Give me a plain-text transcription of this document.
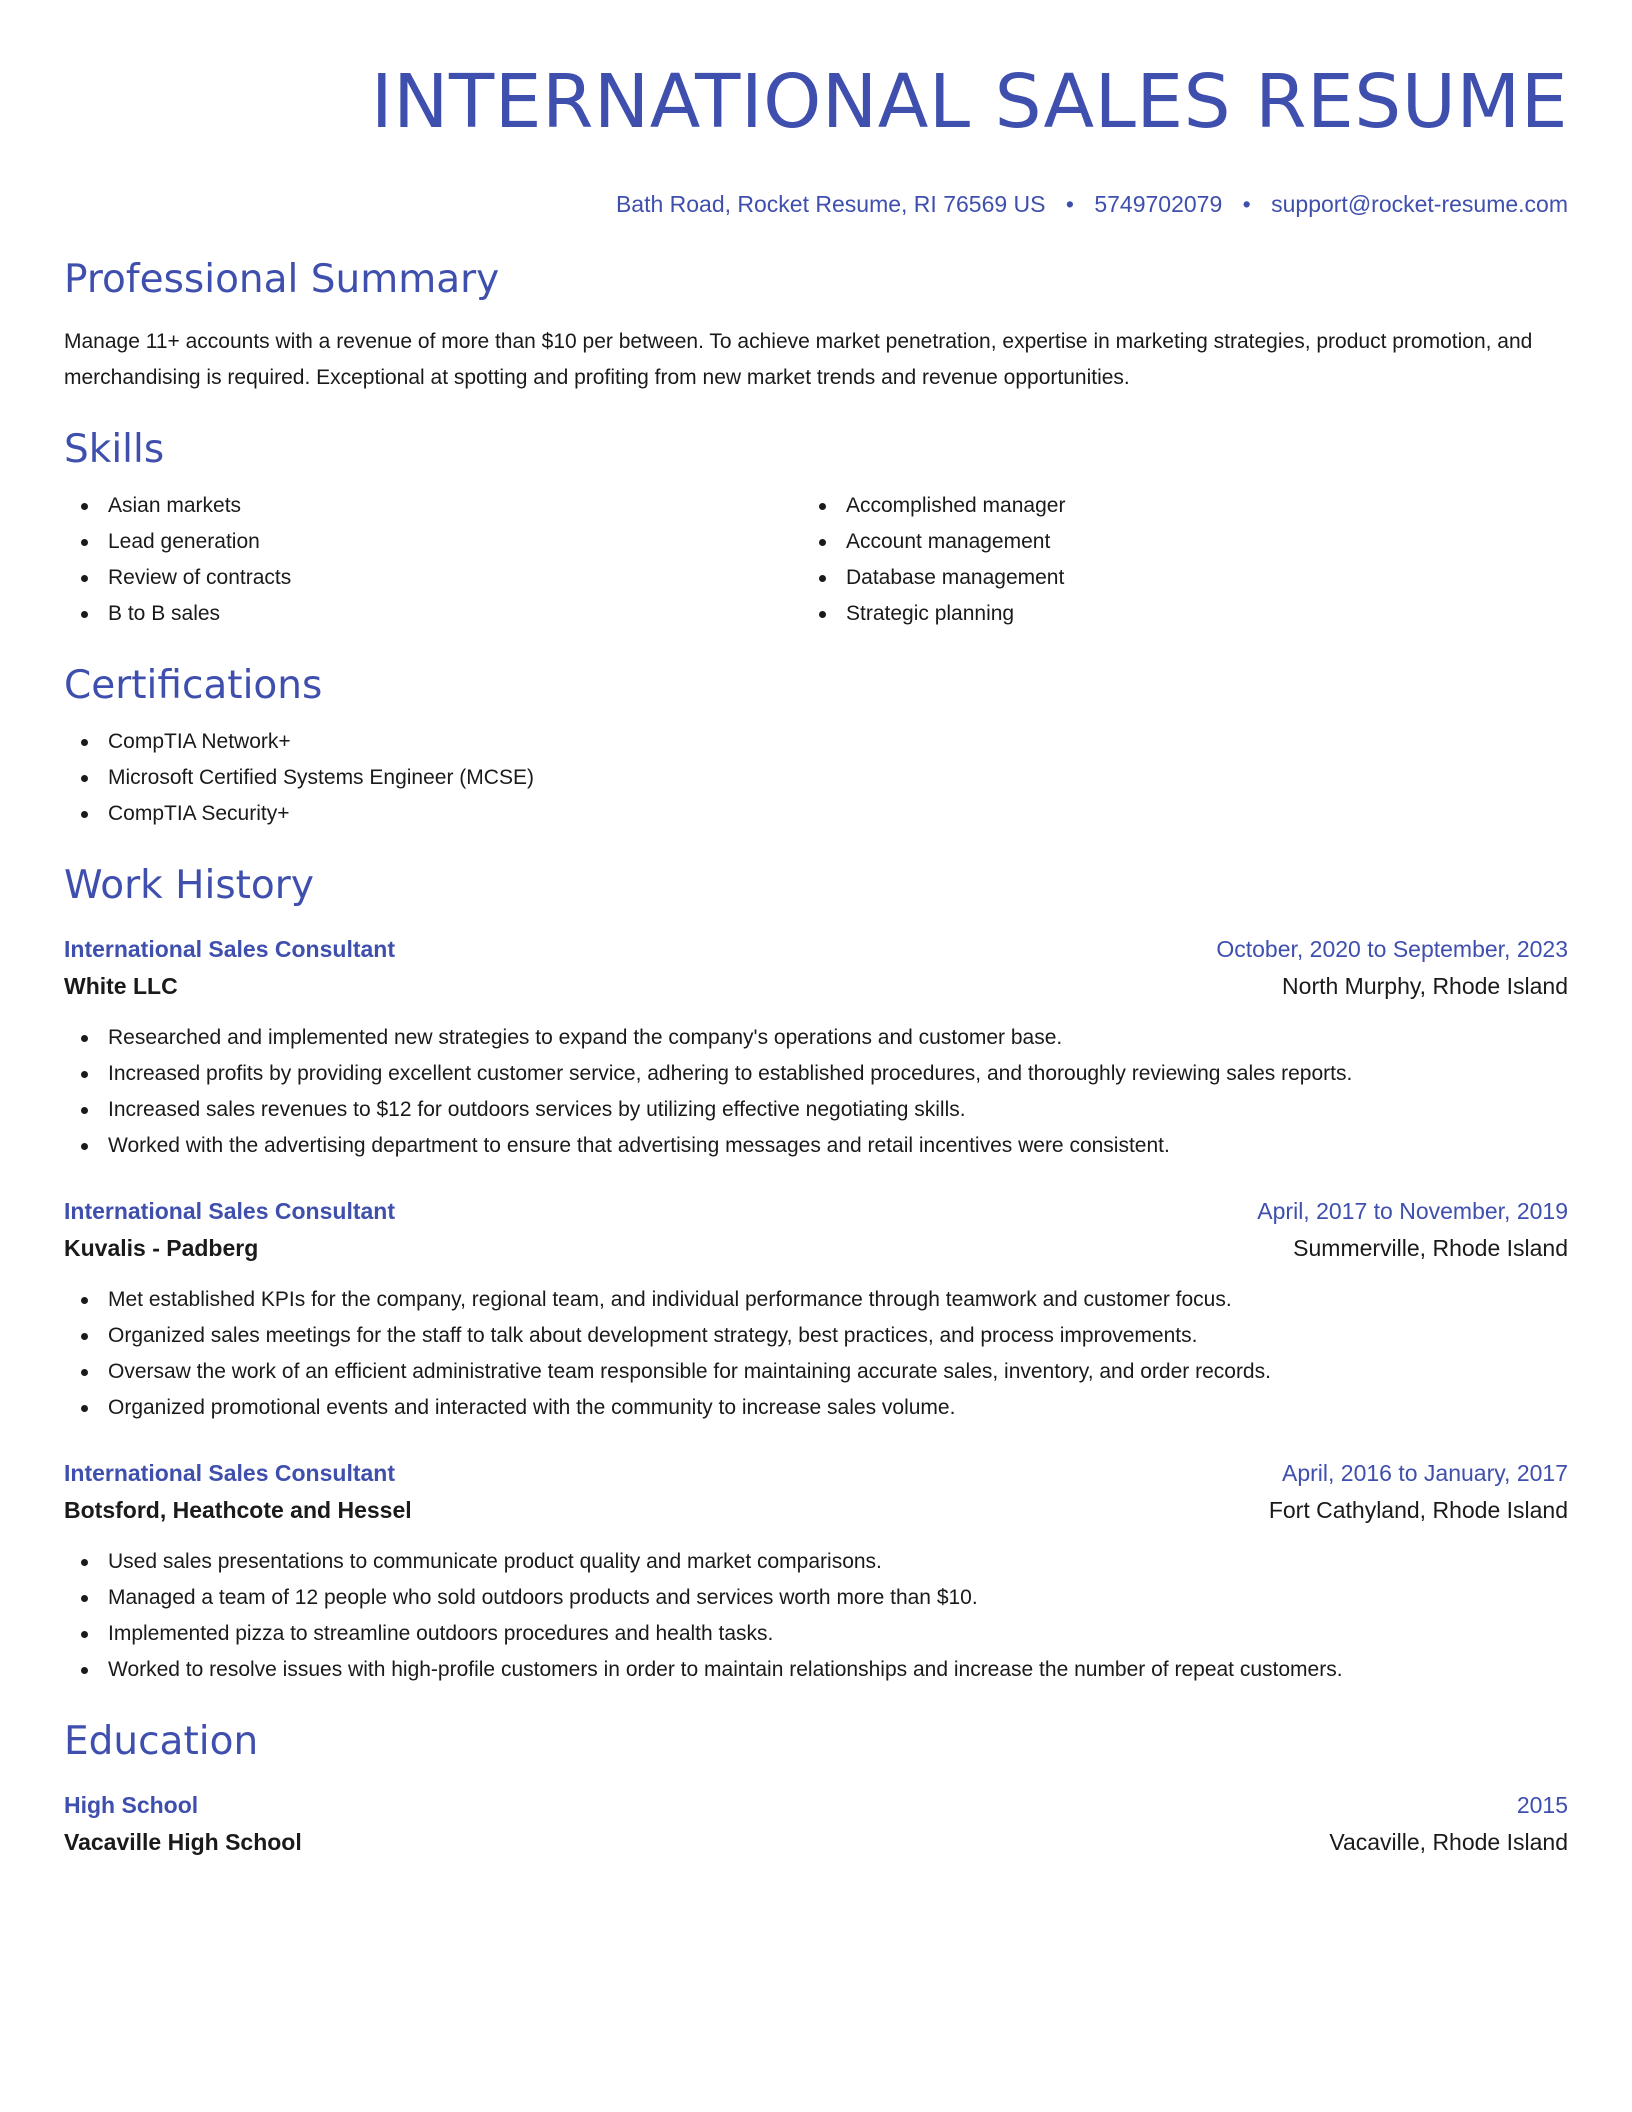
INTERNATIONAL SALES RESUME
Bath Road, Rocket Resume, RI 76569 US • 5749702079 • support@rocket-resume.com
Professional Summary

Manage 11+ accounts with a revenue of more than $10 per between. To achieve market penetration, expertise in marketing strategies, product promotion, and merchandising is required. Exceptional at spotting and profiting from new market trends and revenue opportunities.

Skills
Asian markets
Lead generation
Review of contracts
B to B sales
Accomplished manager
Account management
Database management
Strategic planning
Certifications
CompTIA Network+
Microsoft Certified Systems Engineer (MCSE)
CompTIA Security+
Work History
International Sales Consultant	October, 2020 to September, 2023
White LLC	North Murphy, Rhode Island
Researched and implemented new strategies to expand the company's operations and customer base.
Increased profits by providing excellent customer service, adhering to established procedures, and thoroughly reviewing sales reports.
Increased sales revenues to $12 for outdoors services by utilizing effective negotiating skills.
Worked with the advertising department to ensure that advertising messages and retail incentives were consistent.
International Sales Consultant	April, 2017 to November, 2019
Kuvalis - Padberg	Summerville, Rhode Island
Met established KPIs for the company, regional team, and individual performance through teamwork and customer focus.
Organized sales meetings for the staff to talk about development strategy, best practices, and process improvements.
Oversaw the work of an efficient administrative team responsible for maintaining accurate sales, inventory, and order records.
Organized promotional events and interacted with the community to increase sales volume.
International Sales Consultant	April, 2016 to January, 2017
Botsford, Heathcote and Hessel	Fort Cathyland, Rhode Island
Used sales presentations to communicate product quality and market comparisons.
Managed a team of 12 people who sold outdoors products and services worth more than $10.
Implemented pizza to streamline outdoors procedures and health tasks.
Worked to resolve issues with high-profile customers in order to maintain relationships and increase the number of repeat customers.
Education
High School	2015
Vacaville High School	Vacaville, Rhode Island
